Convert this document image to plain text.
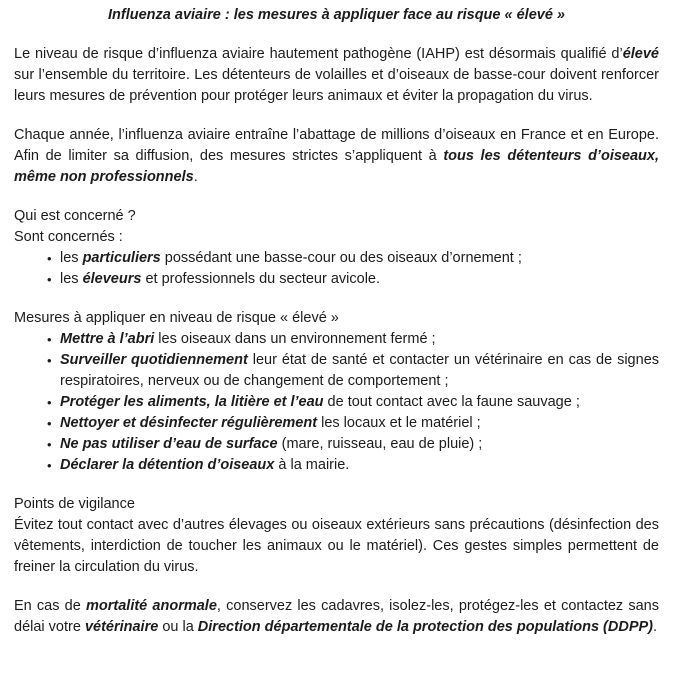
Influenza aviaire : les mesures à appliquer face au risque « élevé »

Le niveau de risque d’influenza aviaire hautement pathogène (IAHP) est désormais qualifié d’élevé sur l’ensemble du territoire. Les détenteurs de volailles et d’oiseaux de basse-cour doivent renforcer leurs mesures de prévention pour protéger leurs animaux et éviter la propagation du virus.

Chaque année, l’influenza aviaire entraîne l’abattage de millions d’oiseaux en France et en Europe. Afin de limiter sa diffusion, des mesures strictes s’appliquent à tous les détenteurs d’oiseaux, même non professionnels.

Qui est concerné ?

Sont concernés :

• les particuliers possédant une basse-cour ou des oiseaux d’ornement ;
• les éleveurs et professionnels du secteur avicole.

Mesures à appliquer en niveau de risque « élevé »

• Mettre à l’abri les oiseaux dans un environnement fermé ;
• Surveiller quotidiennement leur état de santé et contacter un vétérinaire en cas de signes respiratoires, nerveux ou de changement de comportement ;
• Protéger les aliments, la litière et l’eau de tout contact avec la faune sauvage ;
• Nettoyer et désinfecter régulièrement les locaux et le matériel ;
• Ne pas utiliser d’eau de surface (mare, ruisseau, eau de pluie) ;
• Déclarer la détention d’oiseaux à la mairie.

Points de vigilance

Évitez tout contact avec d’autres élevages ou oiseaux extérieurs sans précautions (désinfection des vêtements, interdiction de toucher les animaux ou le matériel). Ces gestes simples permettent de freiner la circulation du virus.

En cas de mortalité anormale, conservez les cadavres, isolez-les, protégez-les et contactez sans délai votre vétérinaire ou la Direction départementale de la protection des populations (DDPP).
